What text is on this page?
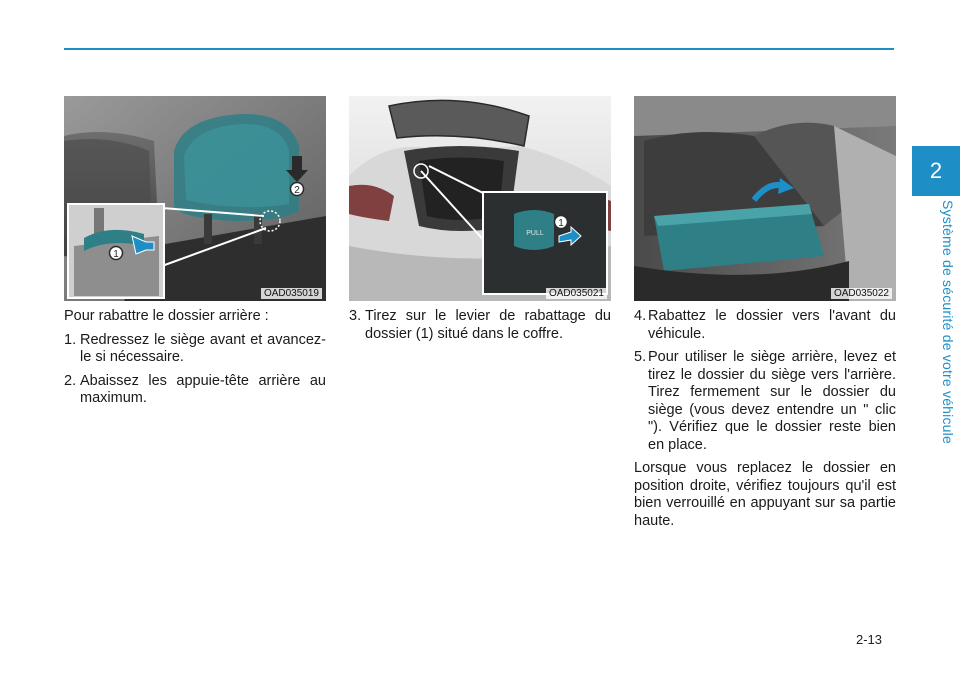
2
Système de sécurité de votre véhicule
2
1
OAD035019
PULL
1
OAD035021	OAD035022

Pour rabattre le dossier arrière :

1. Redressez le siège avant et avancez-le si nécessaire.
2. Abaissez les appuie-tête arrière au maximum.
3. Tirez sur le levier de rabattage du dossier (1) situé dans le coffre.
4. Rabattez le dossier vers l'avant du véhicule.
5. Pour utiliser le siège arrière, levez et tirez le dossier du siège vers l'arrière. Tirez fermement sur le dossier du siège (vous devez entendre un " clic "). Vérifiez que le dossier reste bien en place.

Lorsque vous replacez le dossier en position droite, vérifiez toujours qu'il est bien verrouillé en appuyant sur sa partie haute.

2-13
